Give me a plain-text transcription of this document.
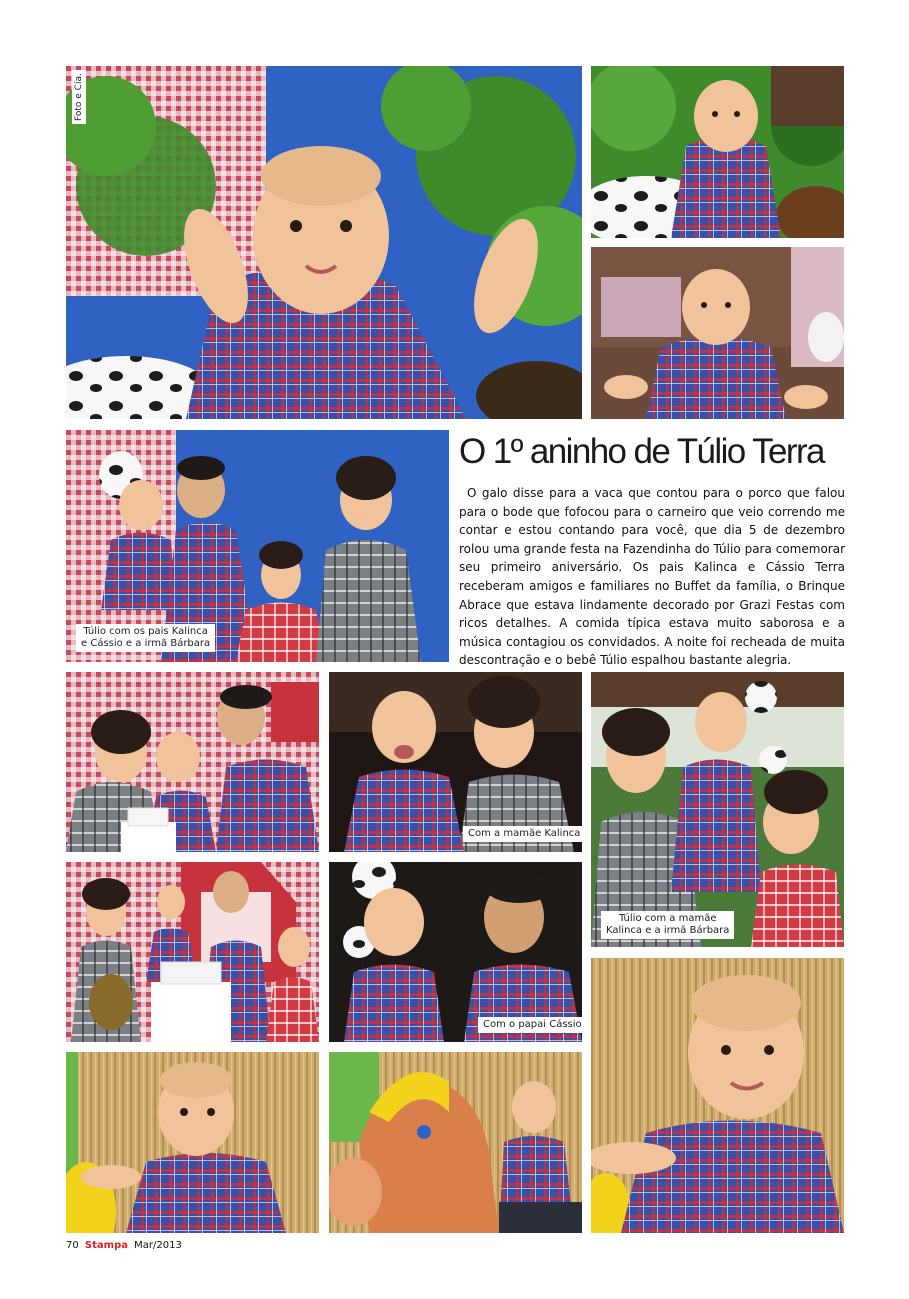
Foto e Cia.
Túlio com os pais Kalinca
e Cássio e a irmã Bárbara
O 1º aninho de Túlio Terra

O galo disse para a vaca que contou para o porco que falou para o bode que fofocou para o carneiro que veio correndo me contar e estou contando para você, que dia 5 de dezembro rolou uma grande festa na Fazendinha do Túlio para comemorar seu primeiro aniversário. Os pais Kalinca e Cássio Terra receberam amigos e familiares no Buffet da família, o Brinque Abrace que estava lindamente decorado por Grazi Festas com ricos detalhes. A comida típica estava muito saborosa e a música contagiou os convidados. A noite foi recheada de muita descontração e o bebê Túlio espalhou bastante alegria.

Com a mamãe Kalinca
Túlio com a mamãe
Kalinca e a irmã Bárbara
Com o papai Cássio
70 Stampa Mar/2013
